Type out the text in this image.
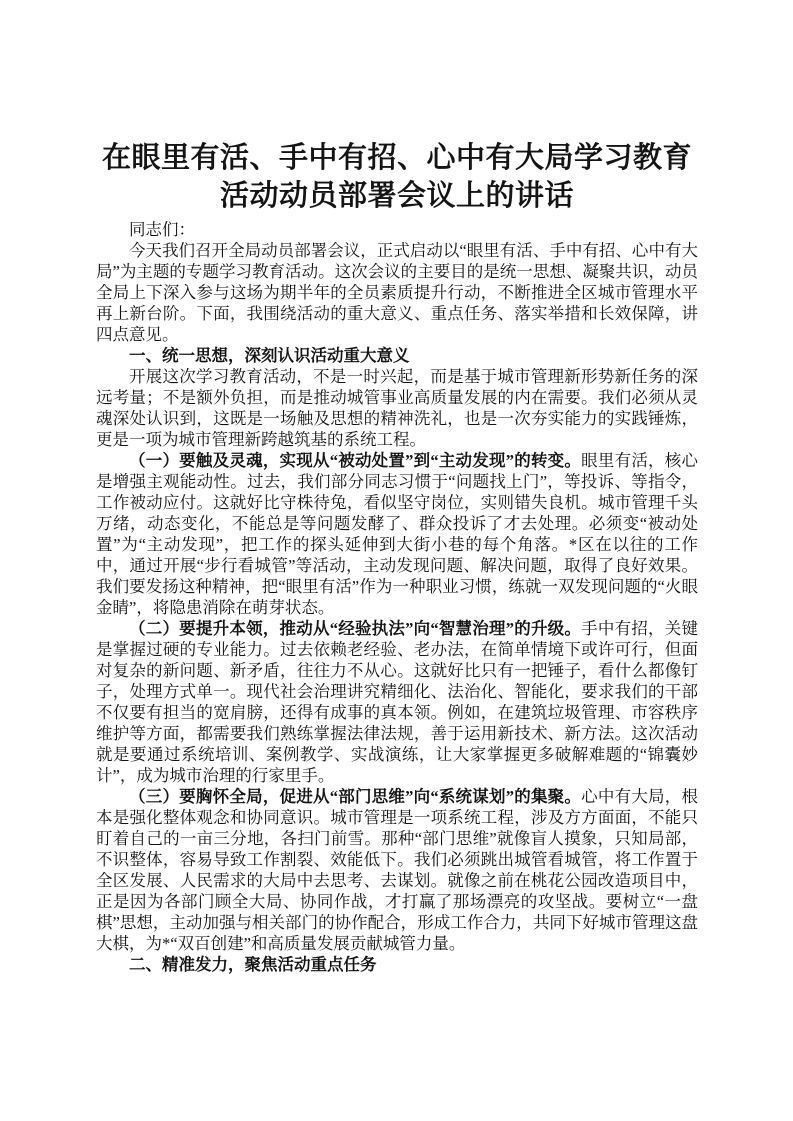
在眼里有活、手中有招、心中有大局学习教育活动动员部署会议上的讲话

同志们：

今天我们召开全局动员部署会议，正式启动以“眼里有活、手中有招、心中有大局”为主题的专题学习教育活动。这次会议的主要目的是统一思想、凝聚共识，动员全局上下深入参与这场为期半年的全员素质提升行动，不断推进全区城市管理水平再上新台阶。下面，我围绕活动的重大意义、重点任务、落实举措和长效保障，讲四点意见。

一、统一思想，深刻认识活动重大意义

开展这次学习教育活动，不是一时兴起，而是基于城市管理新形势新任务的深远考量；不是额外负担，而是推动城管事业高质量发展的内在需要。我们必须从灵魂深处认识到，这既是一场触及思想的精神洗礼，也是一次夯实能力的实践锤炼，更是一项为城市管理新跨越筑基的系统工程。

（一）要触及灵魂，实现从“被动处置”到“主动发现”的转变。眼里有活，核心是增强主观能动性。过去，我们部分同志习惯于“问题找上门”，等投诉、等指令，工作被动应付。这就好比守株待兔，看似坚守岗位，实则错失良机。城市管理千头万绪，动态变化，不能总是等问题发酵了、群众投诉了才去处理。必须变“被动处置”为“主动发现”，把工作的探头延伸到大街小巷的每个角落。*区在以往的工作中，通过开展“步行看城管”等活动，主动发现问题、解决问题，取得了良好效果。我们要发扬这种精神，把“眼里有活”作为一种职业习惯，练就一双发现问题的“火眼金睛”，将隐患消除在萌芽状态。

（二）要提升本领，推动从“经验执法”向“智慧治理”的升级。手中有招，关键是掌握过硬的专业能力。过去依赖老经验、老办法，在简单情境下或许可行，但面对复杂的新问题、新矛盾，往往力不从心。这就好比只有一把锤子，看什么都像钉子，处理方式单一。现代社会治理讲究精细化、法治化、智能化，要求我们的干部不仅要有担当的宽肩膀，还得有成事的真本领。例如，在建筑垃圾管理、市容秩序维护等方面，都需要我们熟练掌握法律法规，善于运用新技术、新方法。这次活动就是要通过系统培训、案例教学、实战演练，让大家掌握更多破解难题的“锦囊妙计”，成为城市治理的行家里手。

（三）要胸怀全局，促进从“部门思维”向“系统谋划”的集聚。心中有大局，根本是强化整体观念和协同意识。城市管理是一项系统工程，涉及方方面面，不能只盯着自己的一亩三分地，各扫门前雪。那种“部门思维”就像盲人摸象，只知局部，不识整体，容易导致工作割裂、效能低下。我们必须跳出城管看城管，将工作置于全区发展、人民需求的大局中去思考、去谋划。就像之前在桃花公园改造项目中，正是因为各部门顾全大局、协同作战，才打赢了那场漂亮的攻坚战。要树立“一盘棋”思想，主动加强与相关部门的协作配合，形成工作合力，共同下好城市管理这盘大棋，为*“双百创建”和高质量发展贡献城管力量。

二、精准发力，聚焦活动重点任务
